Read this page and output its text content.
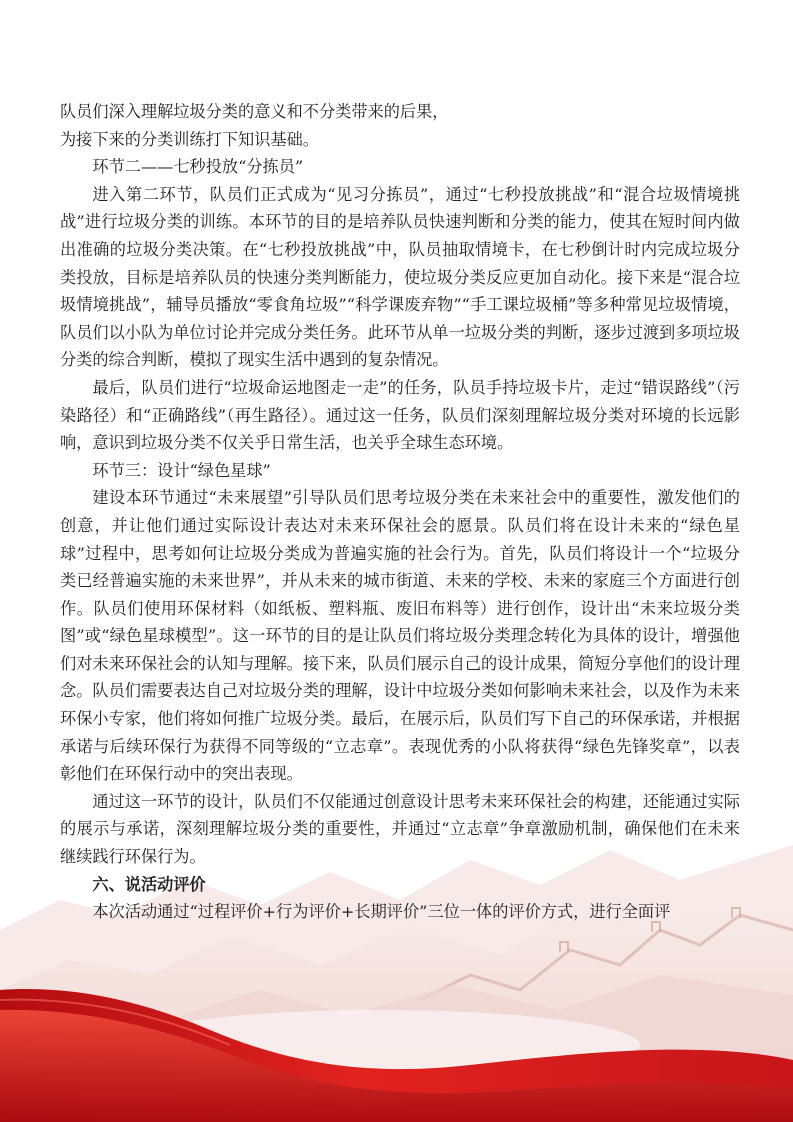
队员们深入理解垃圾分类的意义和不分类带来的后果，

为接下来的分类训练打下知识基础。

环节二——七秒投放“分拣员”

进入第二环节，队员们正式成为“见习分拣员”，通过“七秒投放挑战”和“混合垃圾情境挑战”进行垃圾分类的训练。本环节的目的是培养队员快速判断和分类的能力，使其在短时间内做出准确的垃圾分类决策。在“七秒投放挑战”中，队员抽取情境卡，在七秒倒计时内完成垃圾分类投放，目标是培养队员的快速分类判断能力，使垃圾分类反应更加自动化。接下来是“混合垃圾情境挑战”，辅导员播放“零食角垃圾”“科学课废弃物”“手工课垃圾桶”等多种常见垃圾情境，队员们以小队为单位讨论并完成分类任务。此环节从单一垃圾分类的判断，逐步过渡到多项垃圾分类的综合判断，模拟了现实生活中遇到的复杂情况。

最后，队员们进行“垃圾命运地图走一走”的任务，队员手持垃圾卡片，走过“错误路线”（污染路径）和“正确路线”（再生路径）。通过这一任务，队员们深刻理解垃圾分类对环境的长远影响，意识到垃圾分类不仅关乎日常生活，也关乎全球生态环境。

环节三：设计“绿色星球”

建设本环节通过“未来展望”引导队员们思考垃圾分类在未来社会中的重要性，激发他们的创意，并让他们通过实际设计表达对未来环保社会的愿景。队员们将在设计未来的“绿色星球”过程中，思考如何让垃圾分类成为普遍实施的社会行为。首先，队员们将设计一个“垃圾分类已经普遍实施的未来世界”，并从未来的城市街道、未来的学校、未来的家庭三个方面进行创作。队员们使用环保材料（如纸板、塑料瓶、废旧布料等）进行创作，设计出“未来垃圾分类图”或“绿色星球模型”。这一环节的目的是让队员们将垃圾分类理念转化为具体的设计，增强他们对未来环保社会的认知与理解。接下来，队员们展示自己的设计成果，简短分享他们的设计理念。队员们需要表达自己对垃圾分类的理解，设计中垃圾分类如何影响未来社会，以及作为未来环保小专家，他们将如何推广垃圾分类。最后，在展示后，队员们写下自己的环保承诺，并根据承诺与后续环保行为获得不同等级的“立志章”。表现优秀的小队将获得“绿色先锋奖章”，以表彰他们在环保行动中的突出表现。

通过这一环节的设计，队员们不仅能通过创意设计思考未来环保社会的构建，还能通过实际的展示与承诺，深刻理解垃圾分类的重要性，并通过“立志章”争章激励机制，确保他们在未来继续践行环保行为。

六、说活动评价

本次活动通过“过程评价+行为评价+长期评价”三位一体的评价方式，进行全面评
